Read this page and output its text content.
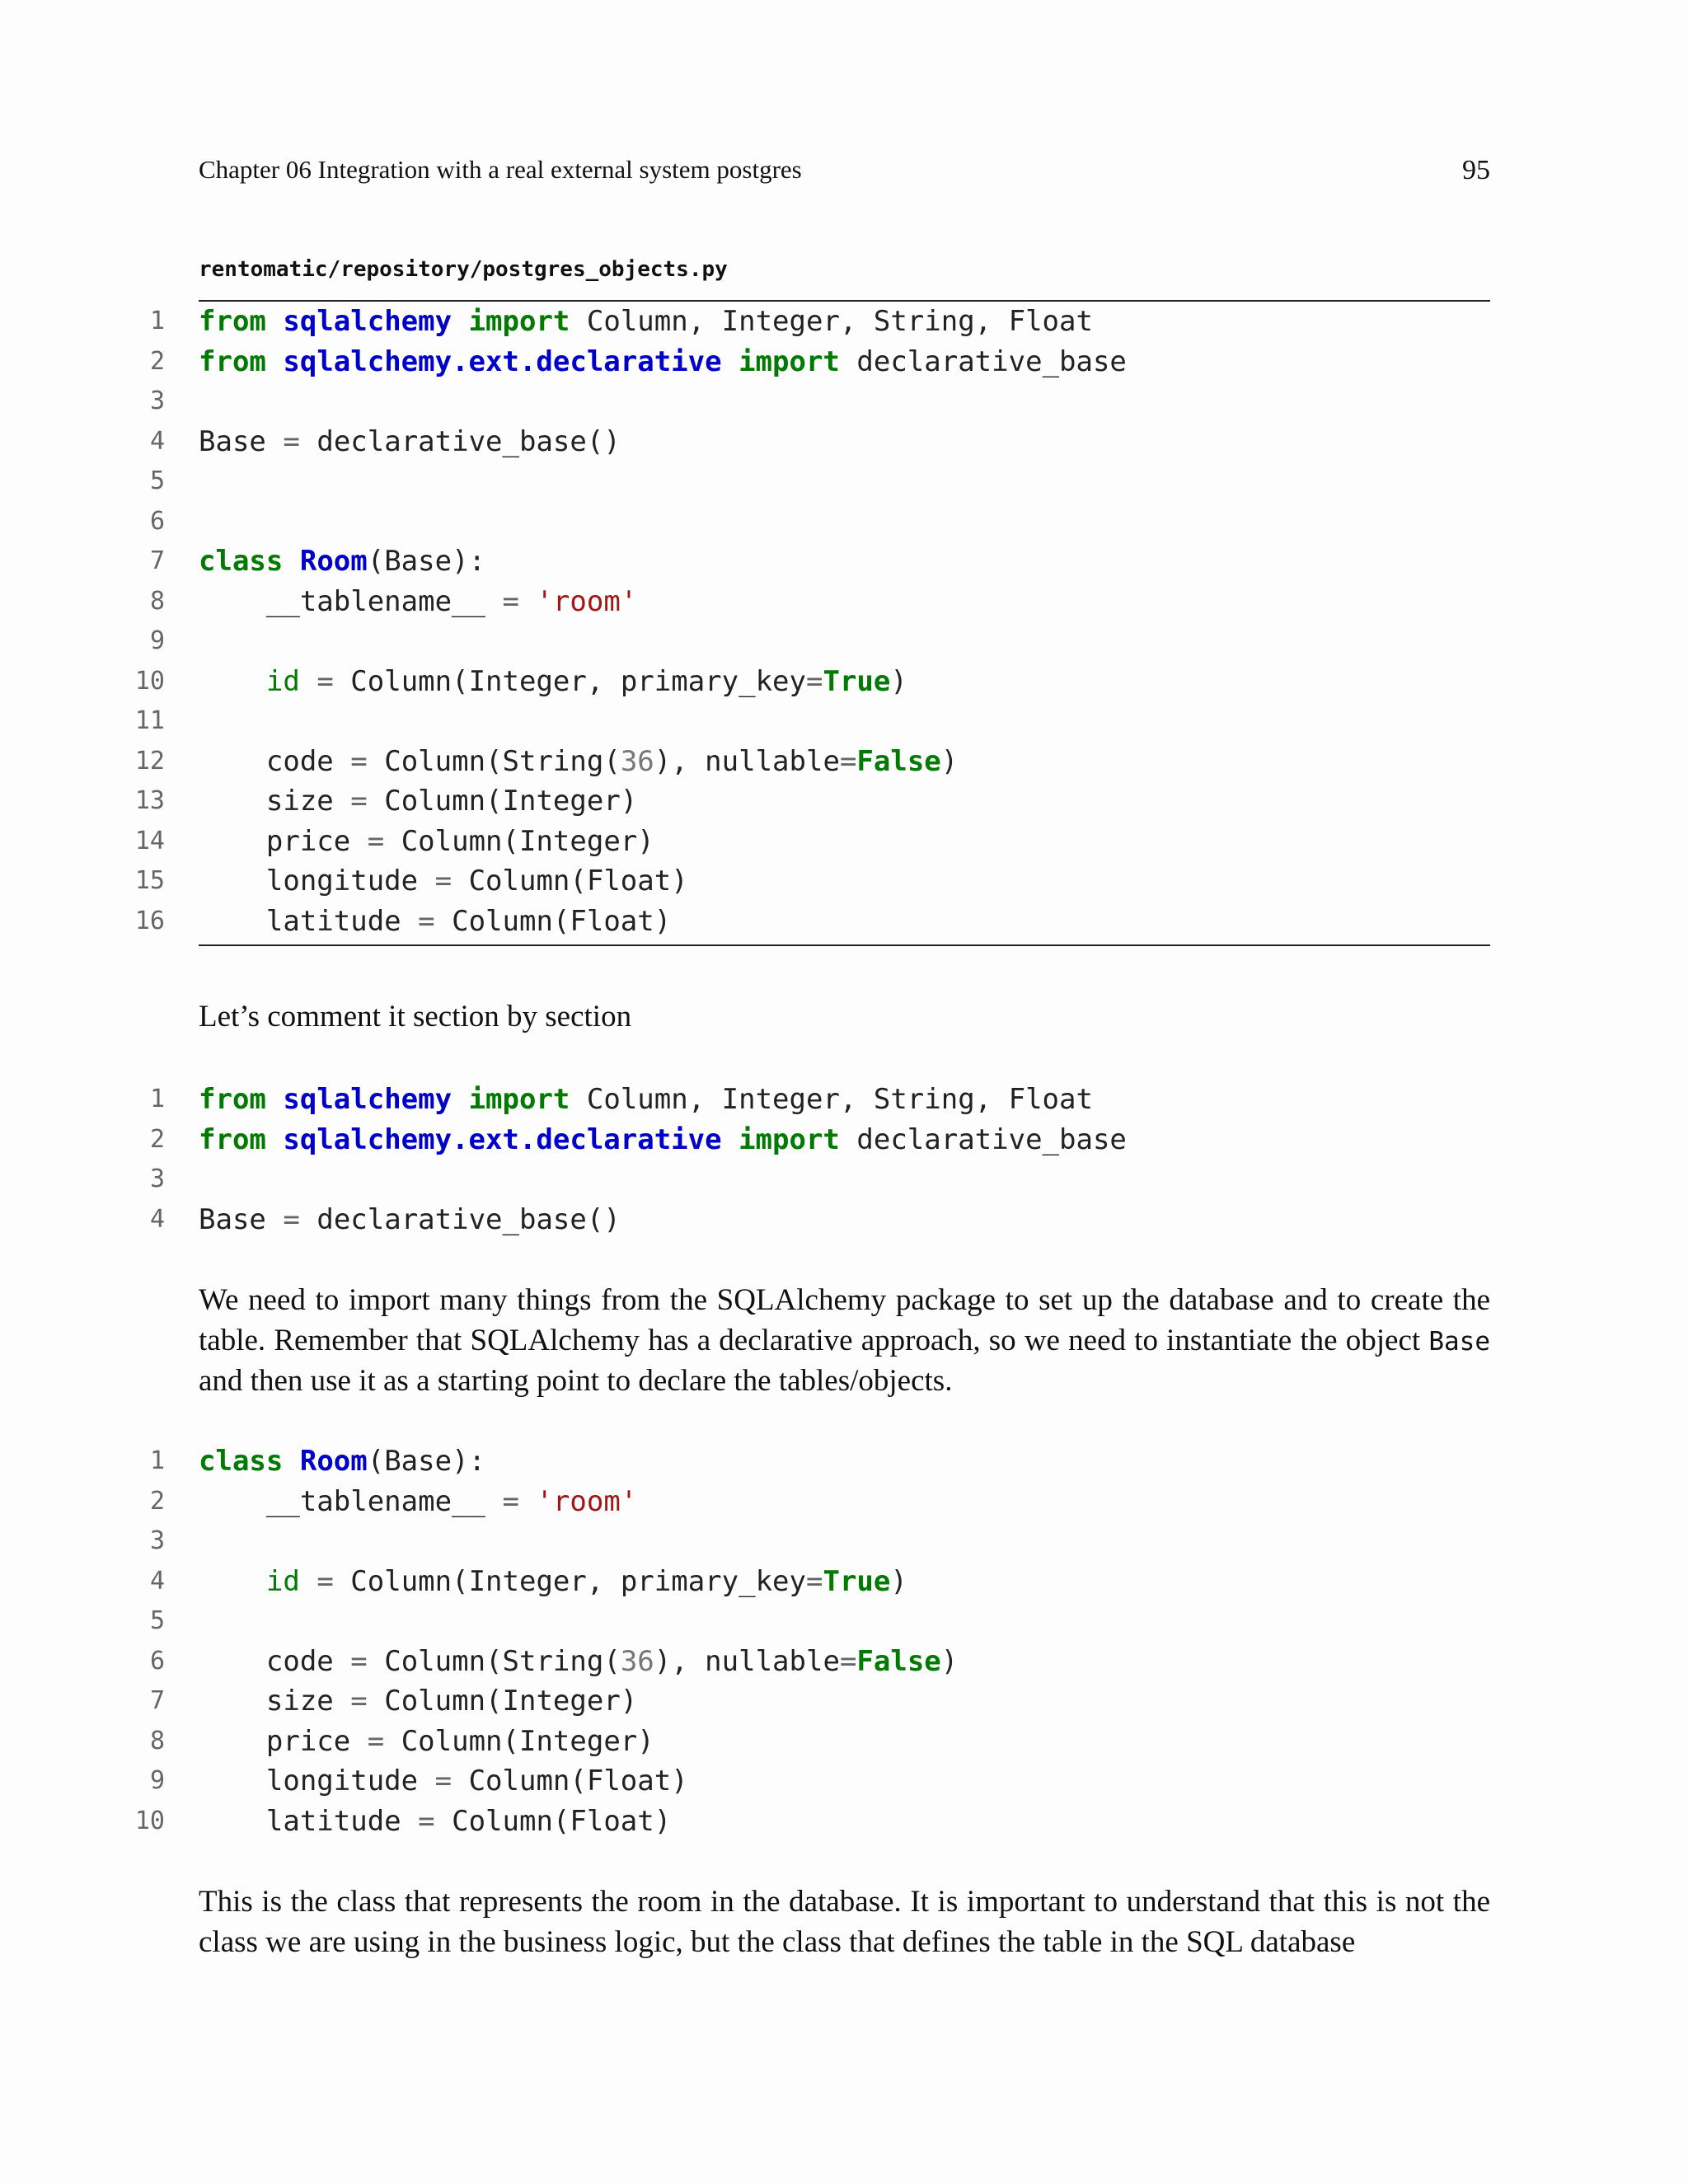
Chapter 06 Integration with a real external system postgres	95
rentomatic/repository/postgres_objects.py
1 from sqlalchemy import Column, Integer, String, Float
2 from sqlalchemy.ext.declarative import declarative_base
3
4 Base = declarative_base()
5
6
7 class Room(Base):
8	__tablename__ = 'room'
9
10	id = Column(Integer, primary_key=True)
11
12	code = Column(String(36), nullable=False)
13	size = Column(Integer)
14	price = Column(Integer)
15	longitude = Column(Float)
16	latitude = Column(Float)
Let’s comment it section by section
1 from sqlalchemy import Column, Integer, String, Float
2 from sqlalchemy.ext.declarative import declarative_base
3
4 Base = declarative_base()
We need to import many things from the SQLAlchemy package to set up the database and to create the table. Remember that SQLAlchemy has a declarative approach, so we need to instantiate the object Base and then use it as a starting point to declare the tables/objects.
1 class Room(Base):
2	__tablename__ = 'room'
3
4	id = Column(Integer, primary_key=True)
5
6	code = Column(String(36), nullable=False)
7	size = Column(Integer)
8	price = Column(Integer)
9	longitude = Column(Float)
10	latitude = Column(Float)
This is the class that represents the room in the database. It is important to understand that this is not the class we are using in the business logic, but the class that defines the table in the SQL database
